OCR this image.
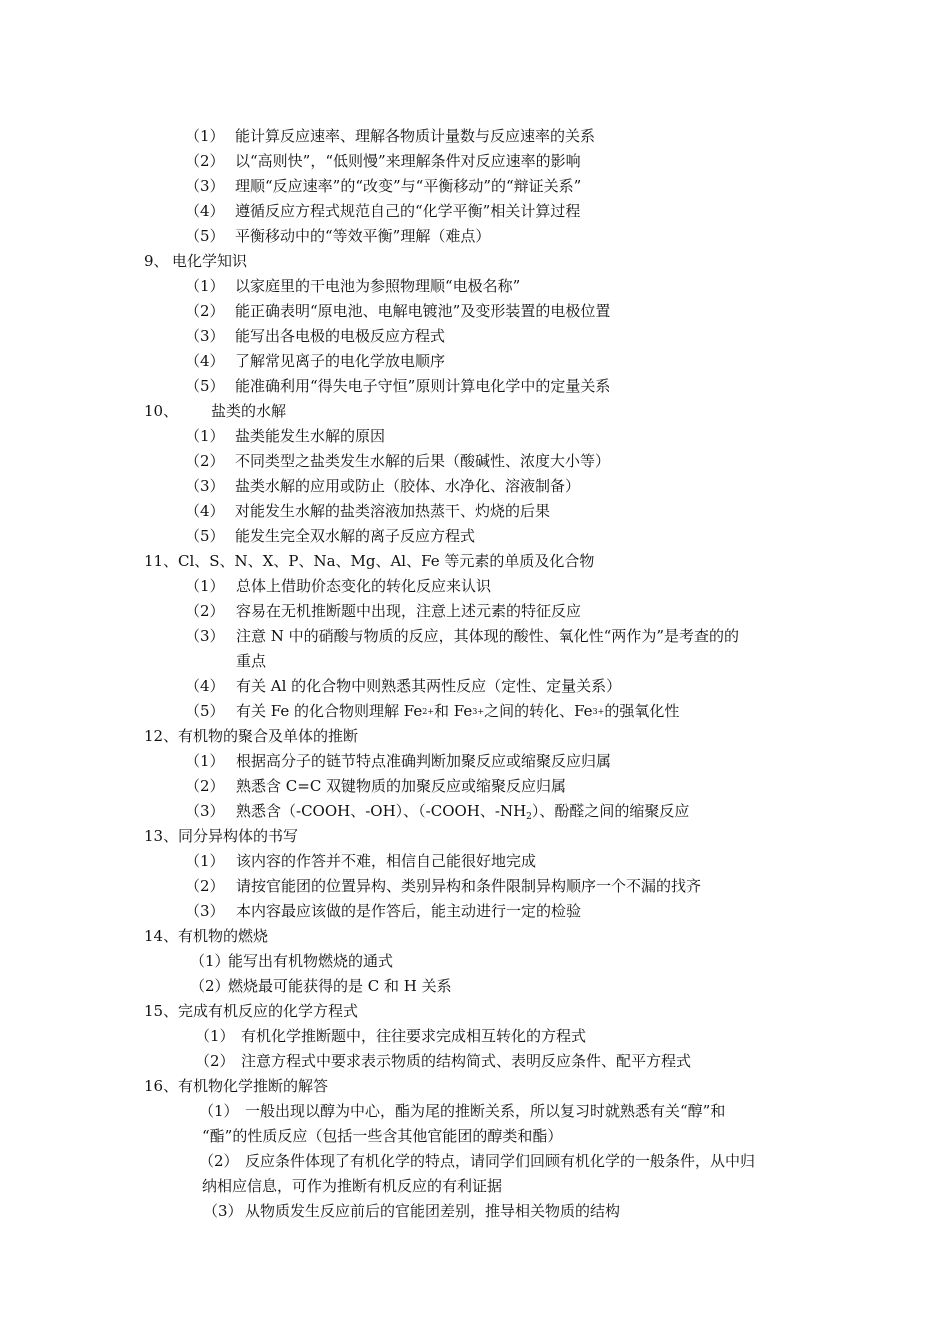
（5） 有关 Fe 的化合物则理解 $Fe^{2+}$和 $Fe^{3+}$之间的转化、$Fe^{3+}$的强氧化性
（3） 熟悉含（-COOH、-OH）、（-COOH、$-NH_2$）、酚醛之间的缩聚反应
（1） 能计算反应速率、理解各物质计量数与反应速率的关系
（2） 以“高则快”，“低则慢”来理解条件对反应速率的影响
（3） 理顺“反应速率”的“改变”与“平衡移动”的“辩证关系”
（4） 遵循反应方程式规范自己的“化学平衡”相关计算过程
（5） 平衡移动中的“等效平衡”理解（难点）
9、 电化学知识
（1） 以家庭里的干电池为参照物理顺“电极名称”
（2） 能正确表明“原电池、电解电镀池”及变形装置的电极位置
（3） 能写出各电极的电极反应方程式
（4） 了解常见离子的电化学放电顺序
（5） 能准确利用“得失电子守恒”原则计算电化学中的定量关系
10、 盐类的水解
（1） 盐类能发生水解的原因
（2） 不同类型之盐类发生水解的后果（酸碱性、浓度大小等）
（3） 盐类水解的应用或防止（胶体、水净化、溶液制备）
（4） 对能发生水解的盐类溶液加热蒸干、灼烧的后果
（5） 能发生完全双水解的离子反应方程式
11、Cl、S、N、X、P、Na、Mg、Al、Fe 等元素的单质及化合物
（1） 总体上借助价态变化的转化反应来认识
（2） 容易在无机推断题中出现，注意上述元素的特征反应
（3） 注意 N 中的硝酸与物质的反应，其体现的酸性、氧化性“两作为”是考查的的
重点
（4） 有关 Al 的化合物中则熟悉其两性反应（定性、定量关系）
12、有机物的聚合及单体的推断
（1） 根据高分子的链节特点准确判断加聚反应或缩聚反应归属
（2） 熟悉含 C=C 双键物质的加聚反应或缩聚反应归属
13、同分异构体的书写
（1） 该内容的作答并不难，相信自己能很好地完成
（2） 请按官能团的位置异构、类别异构和条件限制异构顺序一个不漏的找齐
（3） 本内容最应该做的是作答后，能主动进行一定的检验
14、有机物的燃烧
（1）能写出有机物燃烧的通式
（2）燃烧最可能获得的是 C 和 H 关系
15、完成有机反应的化学方程式
（1） 有机化学推断题中，往往要求完成相互转化的方程式
（2） 注意方程式中要求表示物质的结构简式、表明反应条件、配平方程式
16、有机物化学推断的解答
（1） 一般出现以醇为中心，酯为尾的推断关系，所以复习时就熟悉有关“醇”和
“酯”的性质反应（包括一些含其他官能团的醇类和酯）
（2） 反应条件体现了有机化学的特点，请同学们回顾有机化学的一般条件，从中归
纳相应信息，可作为推断有机反应的有利证据
（3） 从物质发生反应前后的官能团差别，推导相关物质的结构
